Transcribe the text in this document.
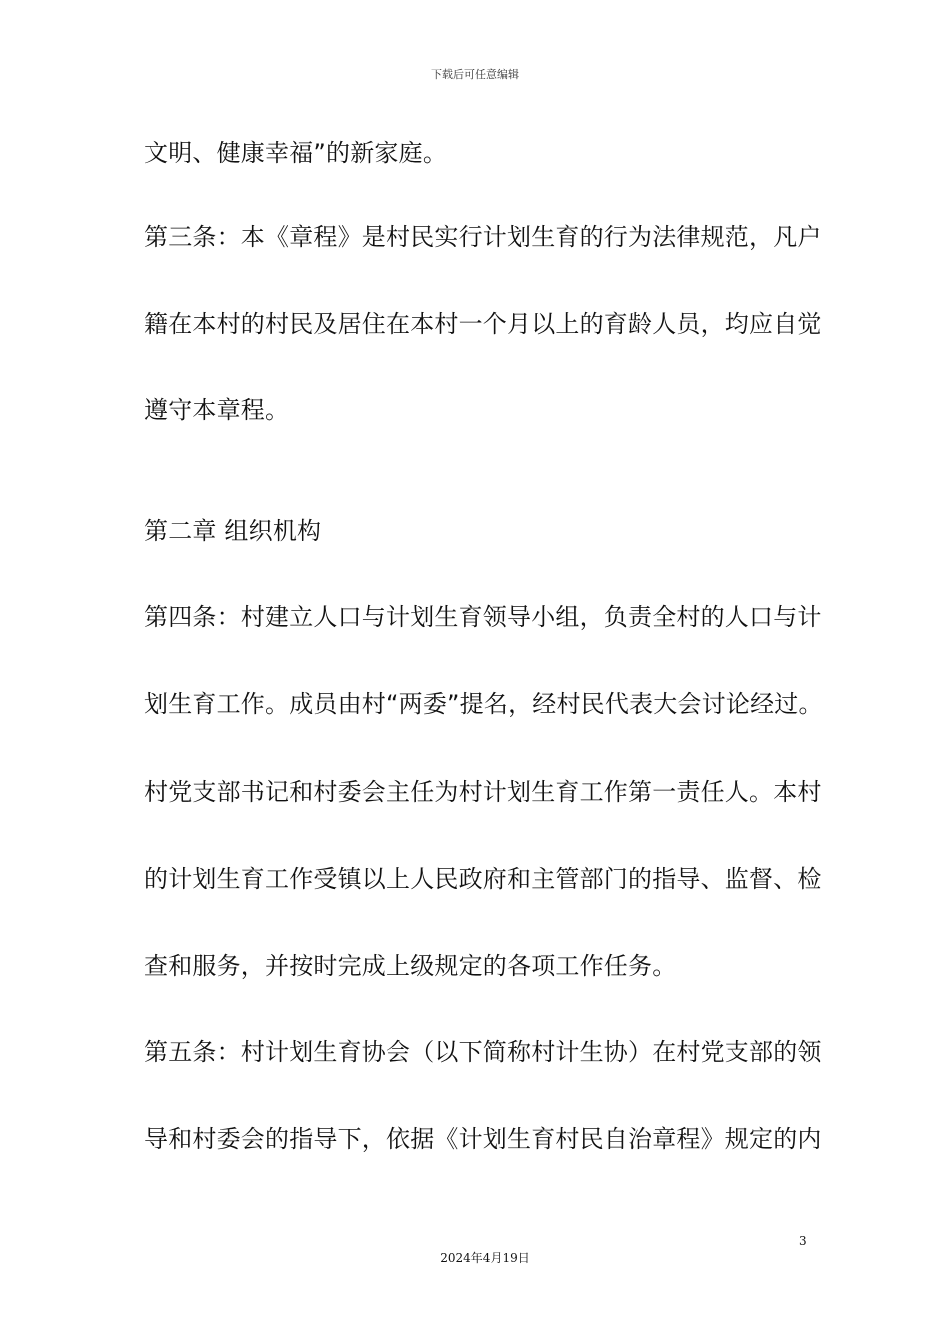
下载后可任意编辑
文明、健康幸福”的新家庭。
第三条：本《章程》是村民实行计划生育的行为法律规范，凡户
籍在本村的村民及居住在本村一个月以上的育龄人员，均应自觉
遵守本章程。
第二章 组织机构
第四条：村建立人口与计划生育领导小组，负责全村的人口与计
划生育工作。成员由村“两委”提名，经村民代表大会讨论经过。
村党支部书记和村委会主任为村计划生育工作第一责任人。本村
的计划生育工作受镇以上人民政府和主管部门的指导、监督、检
查和服务，并按时完成上级规定的各项工作任务。
第五条：村计划生育协会（以下简称村计生协）在村党支部的领
导和村委会的指导下，依据《计划生育村民自治章程》规定的内
3
2024年4月19日
